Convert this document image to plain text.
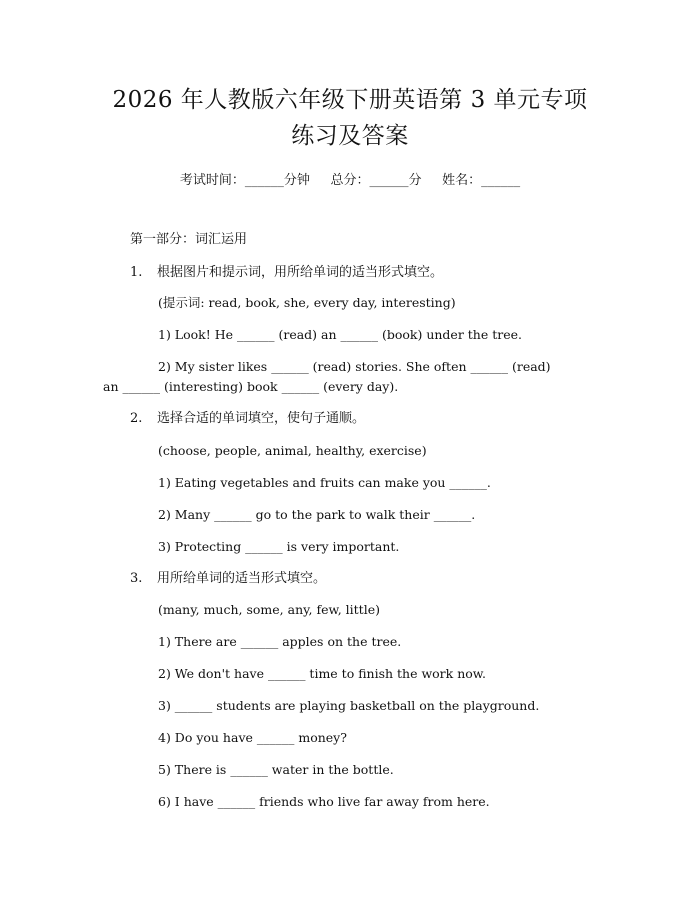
2026 年人教版六年级下册英语第 3 单元专项
练习及答案
考试时间：______分钟     总分：______分     姓名：______
第一部分：词汇运用
1. 根据图片和提示词，用所给单词的适当形式填空。
(提示词: read, book, she, every day, interesting)
1) Look! He ______ (read) an ______ (book) under the tree.
2) My sister likes ______ (read) stories. She often ______ (read)
an ______ (interesting) book ______ (every day).
2. 选择合适的单词填空，使句子通顺。
(choose, people, animal, healthy, exercise)
1) Eating vegetables and fruits can make you ______.
2) Many ______ go to the park to walk their ______.
3) Protecting ______ is very important.
3. 用所给单词的适当形式填空。
(many, much, some, any, few, little)
1) There are ______ apples on the tree.
2) We don't have ______ time to finish the work now.
3) ______ students are playing basketball on the playground.
4) Do you have ______ money?
5) There is ______ water in the bottle.
6) I have ______ friends who live far away from here.
